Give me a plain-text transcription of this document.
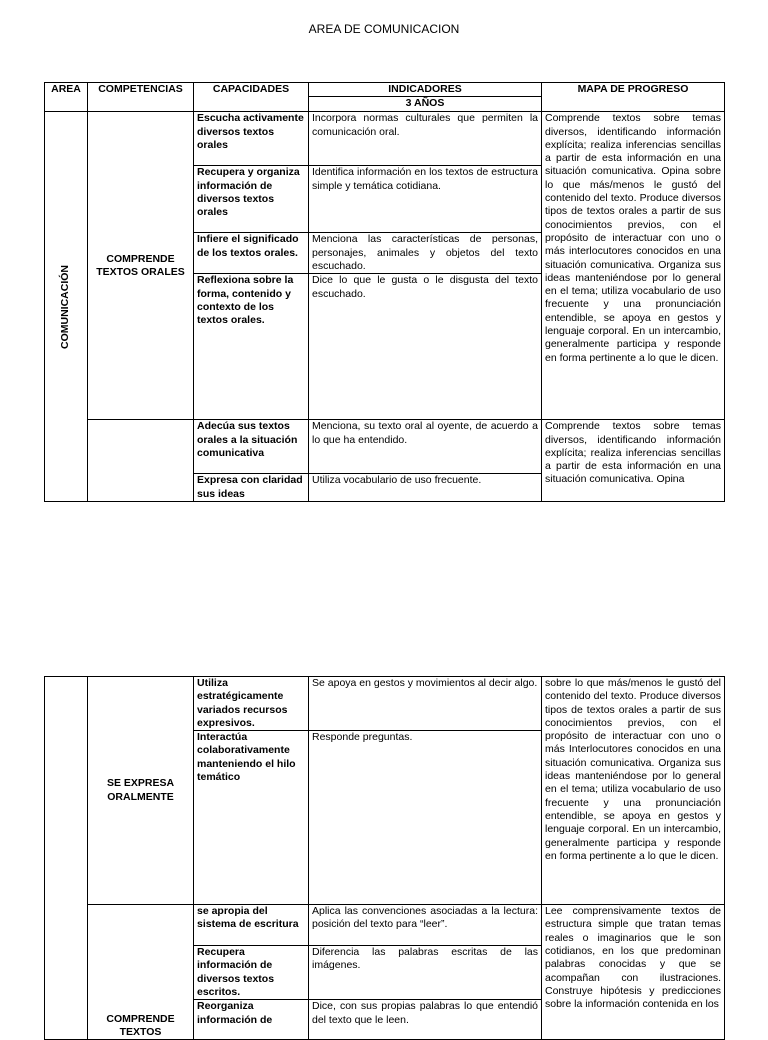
AREA DE COMUNICACION
AREA	COMPETENCIAS	CAPACIDADES	INDICADORES	MAPA DE PROGRESO
			3 AÑOS	

COMUNICACIÓN	COMPRENDE TEXTOS ORALES	Escucha activamente diversos textos orales	Incorpora normas culturales que permiten la comunicación oral.	Comprende textos sobre temas diversos, identificando información explícita; realiza inferencias sencillas a partir de esta información en una situación comunicativa. Opina sobre lo que más/menos le gustó del contenido del texto. Produce diversos tipos de textos orales a partir de sus conocimientos previos, con el propósito de interactuar con uno o más interlocutores conocidos en una situación comunicativa. Organiza sus ideas manteniéndose por lo general en el tema; utiliza vocabulario de uso frecuente y una pronunciación entendible, se apoya en gestos y lenguaje corporal. En un intercambio, generalmente participa y responde en forma pertinente a lo que le dicen.
		Recupera y organiza información de diversos textos orales	Identifica información en los textos de estructura simple y temática cotidiana.	
		Infiere el significado de los textos orales.	Menciona las características de personas, personajes, animales y objetos del texto escuchado.	
		Reflexiona sobre la forma, contenido y contexto de los textos orales.	Dice lo que le gusta o le disgusta del texto escuchado.	
		Adecúa sus textos orales a la situación comunicativa	Menciona, su texto oral al oyente, de acuerdo a lo que ha entendido.	Comprende textos sobre temas diversos, identificando información explícita; realiza inferencias sencillas a partir de esta información en una situación comunicativa. Opina
		Expresa con claridad sus ideas	Utiliza vocabulario de uso frecuente.	
	SE EXPRESA ORALMENTE	Utiliza estratégicamente variados recursos expresivos.	Se apoya en gestos y movimientos al decir algo.	sobre lo que más/menos le gustó del contenido del texto. Produce diversos tipos de textos orales a partir de sus conocimientos previos, con el propósito de interactuar con uno o más Interlocutores conocidos en una situación comunicativa. Organiza sus ideas manteniéndose por lo general en el tema; utiliza vocabulario de uso frecuente y una pronunciación entendible, se apoya en gestos y lenguaje corporal. En un intercambio, generalmente participa y responde en forma pertinente a lo que le dicen.
		Interactúa colaborativamente manteniendo el hilo temático	Responde preguntas.	
	COMPRENDE TEXTOS	se apropia del sistema de escritura	Aplica las convenciones asociadas a la lectura: posición del texto para “leer”.	Lee comprensivamente textos de estructura simple que tratan temas reales o imaginarios que le son cotidianos, en los que predominan palabras conocidas y que se acompañan con ilustraciones. Construye hipótesis y predicciones sobre la información contenida en los
		Recupera información de diversos textos escritos.	Diferencia las palabras escritas de las imágenes.	
		Reorganiza información de	Dice, con sus propias palabras lo que entendió del texto que le leen.	
